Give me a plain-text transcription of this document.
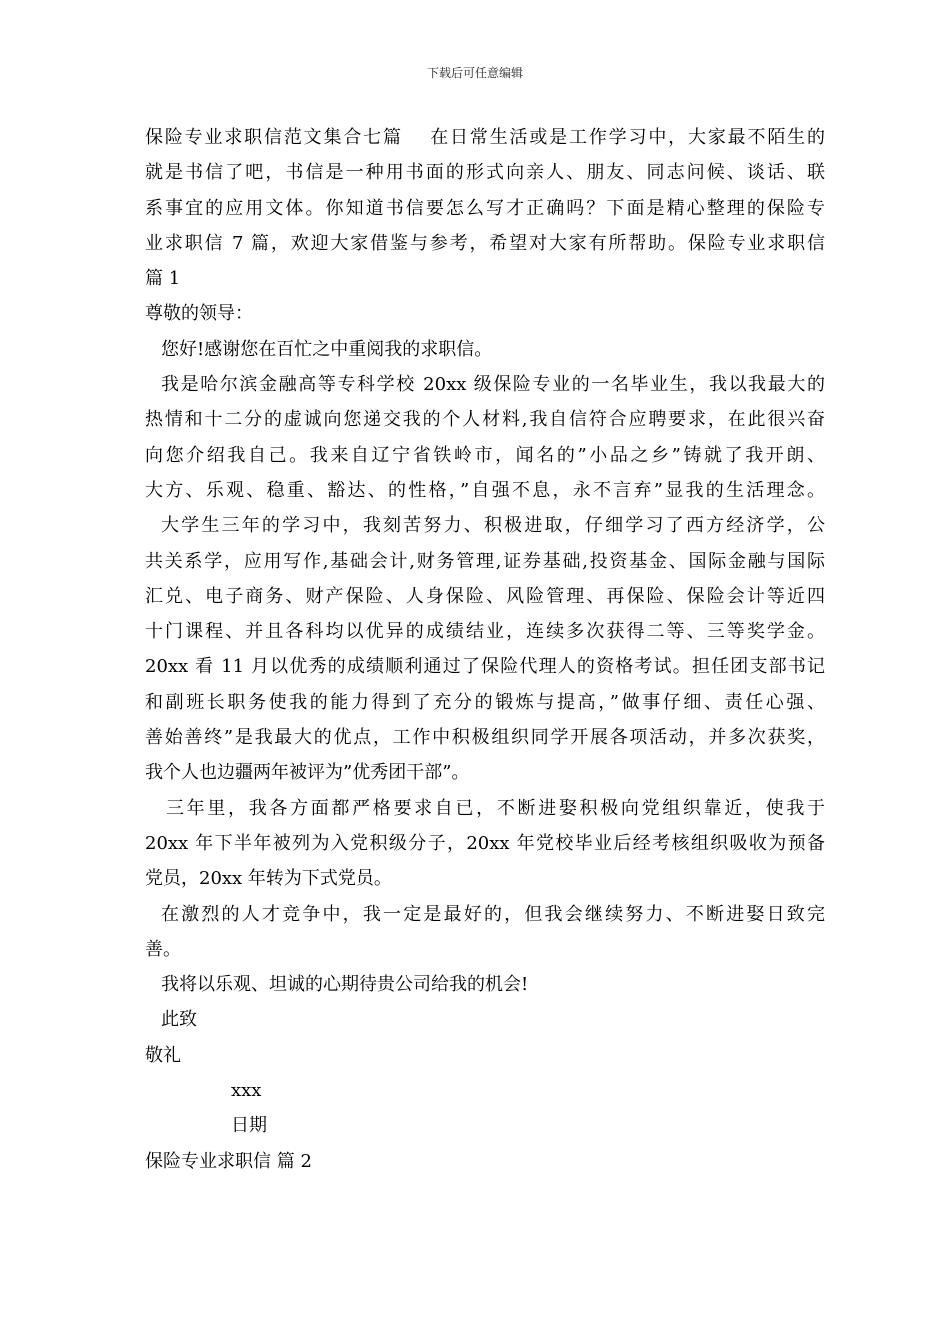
下载后可任意编辑
保险专业求职信范文集合七篇　 在日常生活或是工作学习中，大家最不陌生的
就是书信了吧，书信是一种用书面的形式向亲人、朋友、同志问候、谈话、联
系事宜的应用文体。你知道书信要怎么写才正确吗？下面是精心整理的保险专
业求职信 7 篇，欢迎大家借鉴与参考，希望对大家有所帮助。保险专业求职信
篇 1
尊敬的领导：
您好!感谢您在百忙之中重阅我的求职信。
我是哈尔滨金融高等专科学校 20xx 级保险专业的一名毕业生，我以我最大的
热情和十二分的虚诚向您递交我的个人材料,我自信符合应聘要求，在此很兴奋
向您介绍我自己。我来自辽宁省铁岭市，闻名的”小品之乡”铸就了我开朗、
大方、乐观、稳重、豁达、的性格，”自强不息，永不言弃”显我的生活理念。
大学生三年的学习中，我刻苦努力、积极进取，仔细学习了西方经济学，公
共关系学，应用写作,基础会计,财务管理,证券基础,投资基金、国际金融与国际
汇兑、电子商务、财产保险、人身保险、风险管理、再保险、保险会计等近四
十门课程、并且各科均以优异的成绩结业，连续多次获得二等、三等奖学金。
20xx 看 11 月以优秀的成绩顺利通过了保险代理人的资格考试。担任团支部书记
和副班长职务使我的能力得到了充分的锻炼与提高，”做事仔细、责任心强、
善始善终”是我最大的优点，工作中积极组织同学开展各项活动，并多次获奖，
我个人也边疆两年被评为”优秀团干部”。
三年里，我各方面都严格要求自已，不断进娶积极向党组织靠近，使我于
20xx 年下半年被列为入党积级分子，20xx 年党校毕业后经考核组织吸收为预备
党员，20xx 年转为下式党员。
在激烈的人才竞争中，我一定是最好的，但我会继续努力、不断进娶日致完
善。
我将以乐观、坦诚的心期待贵公司给我的机会!
此致
敬礼
xxx
日期
保险专业求职信 篇 2
